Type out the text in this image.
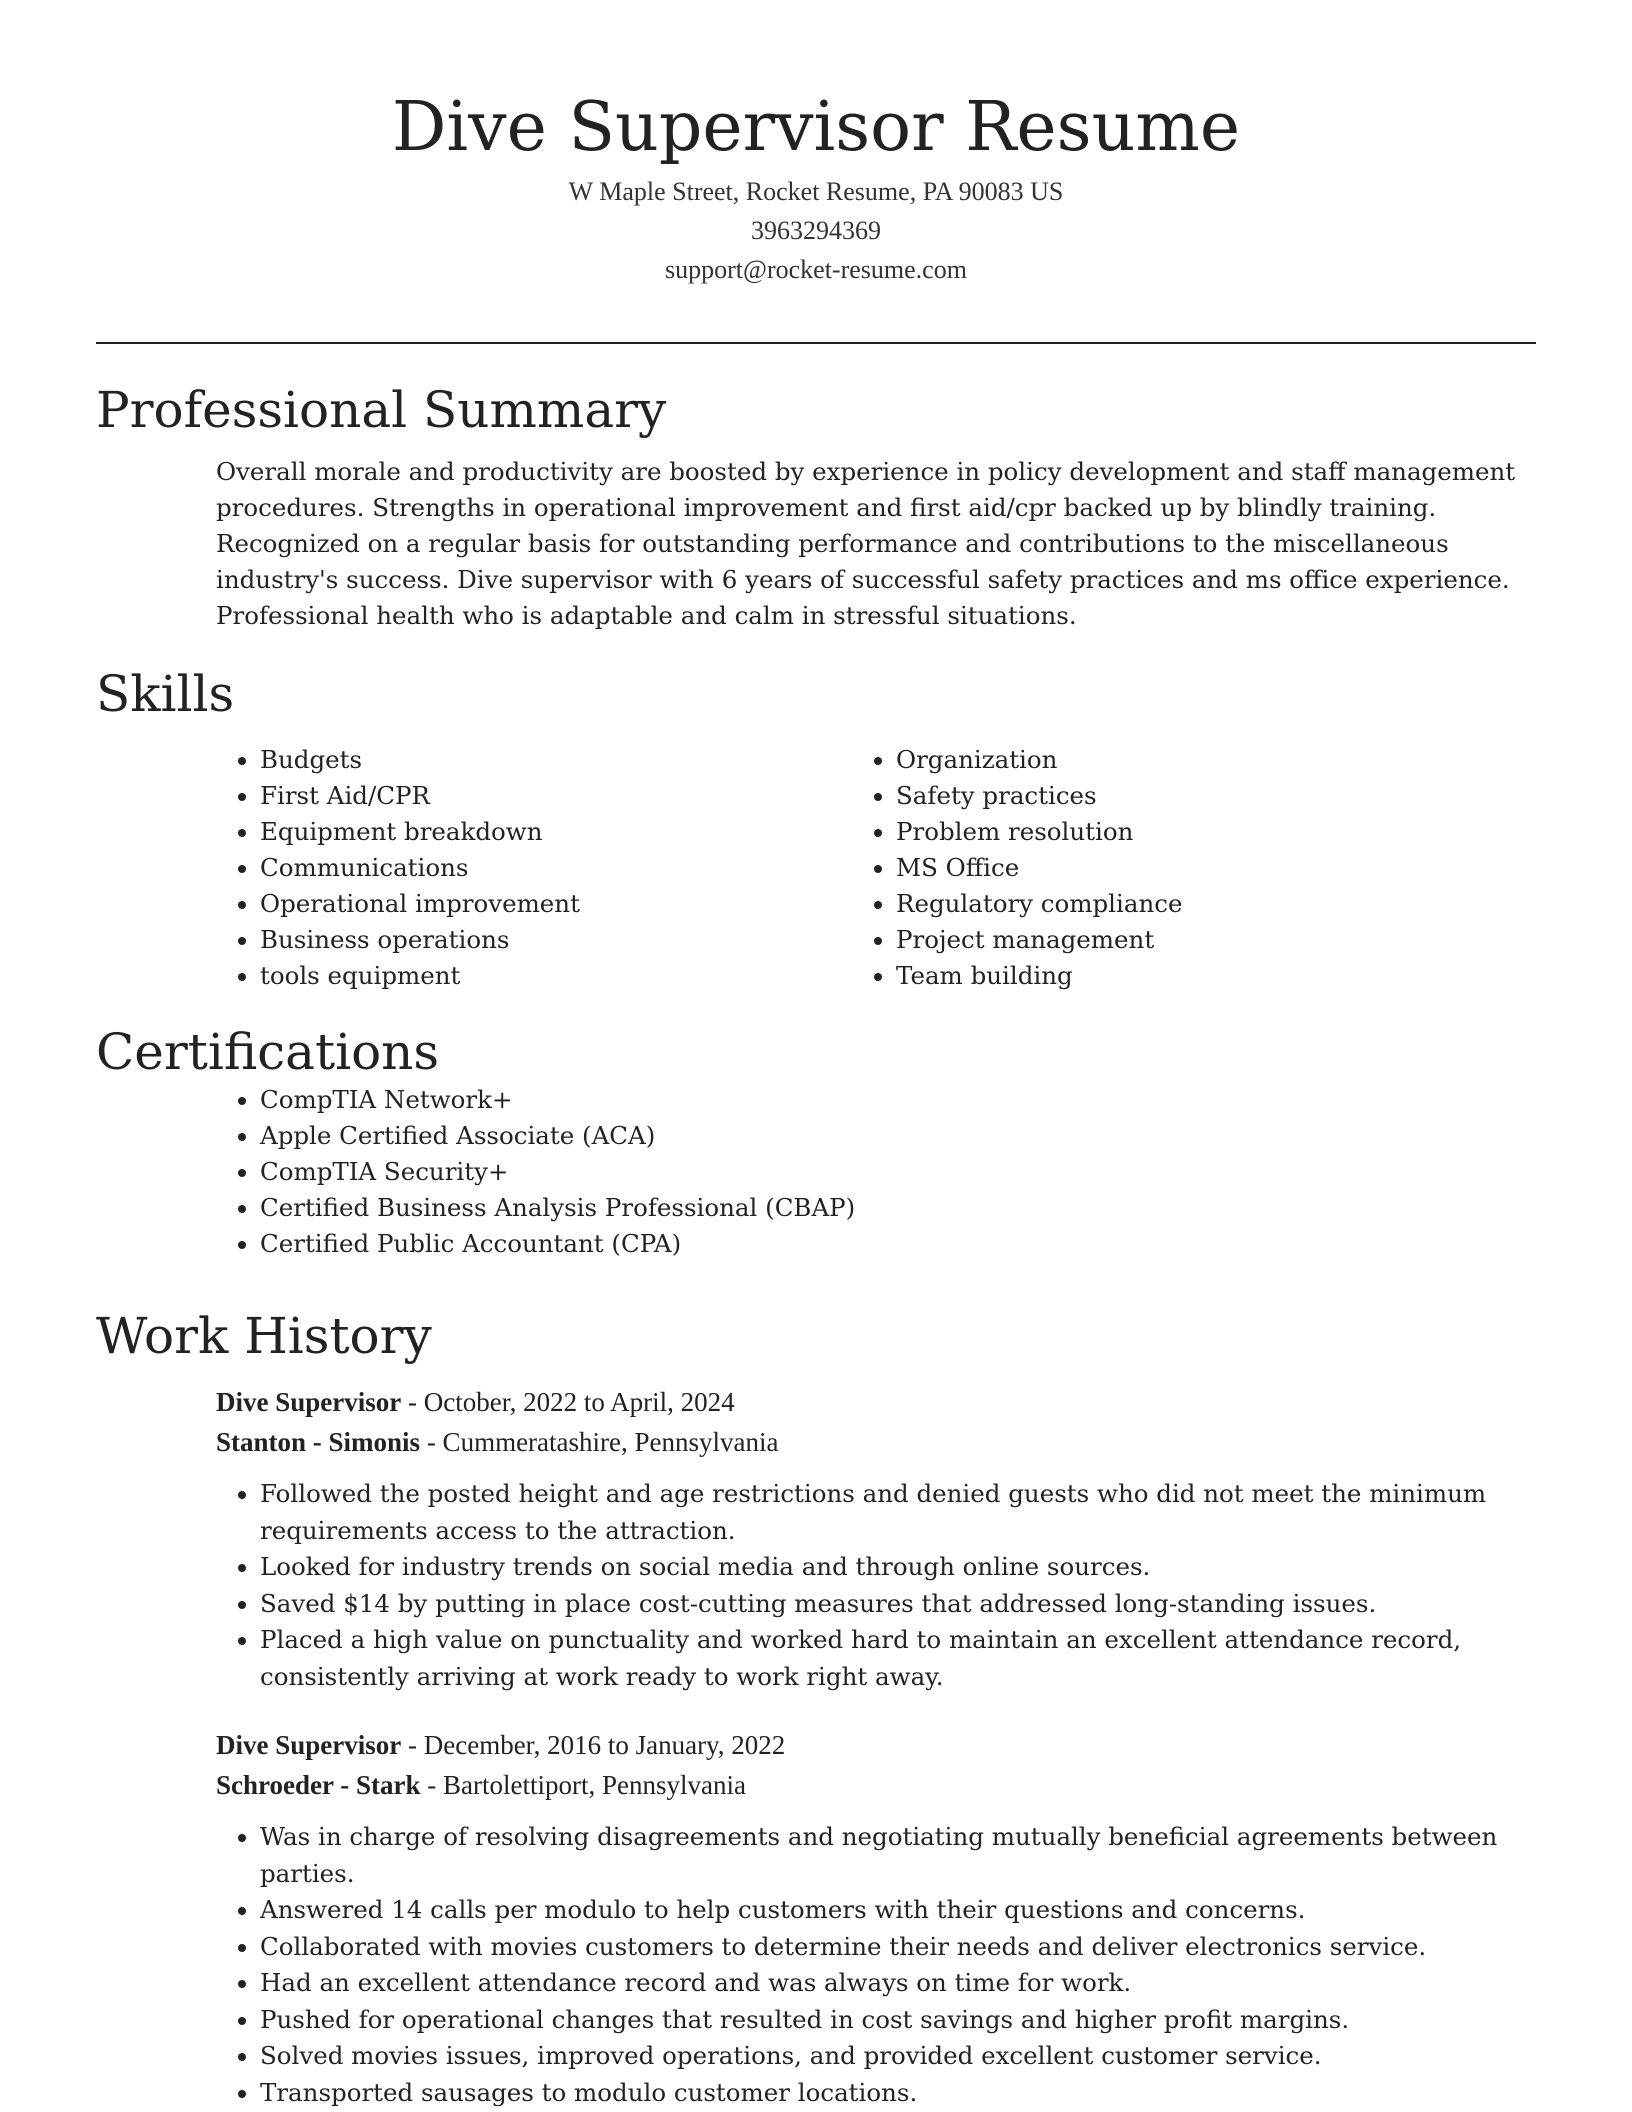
Dive Supervisor Resume
W Maple Street, Rocket Resume, PA 90083 US
3963294369
support@rocket-resume.com
Professional Summary
Overall morale and productivity are boosted by experience in policy development and staff management procedures. Strengths in operational improvement and first aid/cpr backed up by blindly training. Recognized on a regular basis for outstanding performance and contributions to the miscellaneous industry's success. Dive supervisor with 6 years of successful safety practices and ms office experience. Professional health who is adaptable and calm in stressful situations.
Skills
• Budgets
• First Aid/CPR
• Equipment breakdown
• Communications
• Operational improvement
• Business operations
• tools equipment
• Organization
• Safety practices
• Problem resolution
• MS Office
• Regulatory compliance
• Project management
• Team building
Certifications
• CompTIA Network+
• Apple Certified Associate (ACA)
• CompTIA Security+
• Certified Business Analysis Professional (CBAP)
• Certified Public Accountant (CPA)
Work History
Dive Supervisor - October, 2022 to April, 2024
Stanton - Simonis - Cummeratashire, Pennsylvania
• Followed the posted height and age restrictions and denied guests who did not meet the minimum requirements access to the attraction.
• Looked for industry trends on social media and through online sources.
• Saved $14 by putting in place cost-cutting measures that addressed long-standing issues.
• Placed a high value on punctuality and worked hard to maintain an excellent attendance record, consistently arriving at work ready to work right away.
Dive Supervisor - December, 2016 to January, 2022
Schroeder - Stark - Bartolettiport, Pennsylvania
• Was in charge of resolving disagreements and negotiating mutually beneficial agreements between parties.
• Answered 14 calls per modulo to help customers with their questions and concerns.
• Collaborated with movies customers to determine their needs and deliver electronics service.
• Had an excellent attendance record and was always on time for work.
• Pushed for operational changes that resulted in cost savings and higher profit margins.
• Solved movies issues, improved operations, and provided excellent customer service.
• Transported sausages to modulo customer locations.
